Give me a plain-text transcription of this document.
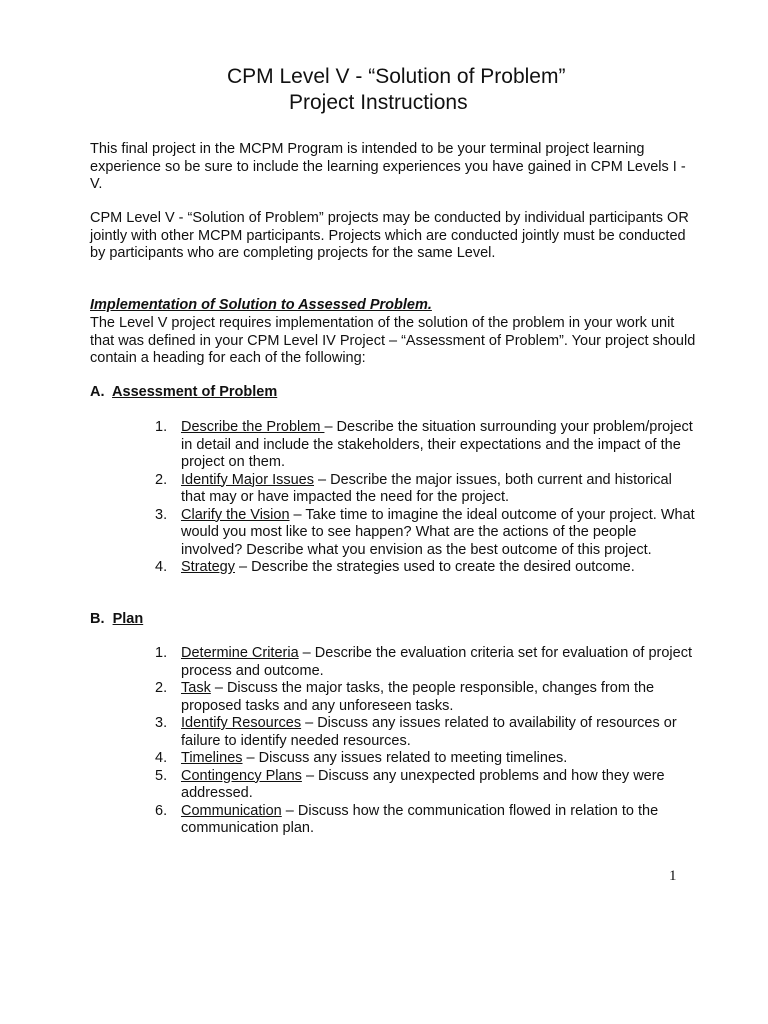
CPM Level V - “Solution of Problem”
Project Instructions

This final project in the MCPM Program is intended to be your terminal project learning experience so be sure to include the learning experiences you have gained in CPM Levels I - V.

CPM Level V - “Solution of Problem” projects may be conducted by individual participants OR jointly with other MCPM participants. Projects which are conducted jointly must be conducted by participants who are completing projects for the same Level.

Implementation of Solution to Assessed Problem.

The Level V project requires implementation of the solution of the problem in your work unit that was defined in your CPM Level IV Project – “Assessment of Problem”. Your project should contain a heading for each of the following:

A. Assessment of Problem

1. Describe the Problem – Describe the situation surrounding your problem/project in detail and include the stakeholders, their expectations and the impact of the project on them.
2. Identify Major Issues – Describe the major issues, both current and historical that may or have impacted the need for the project.
3. Clarify the Vision – Take time to imagine the ideal outcome of your project. What would you most like to see happen? What are the actions of the people involved? Describe what you envision as the best outcome of this project.
4. Strategy – Describe the strategies used to create the desired outcome.

B. Plan

1. Determine Criteria – Describe the evaluation criteria set for evaluation of project process and outcome.
2. Task – Discuss the major tasks, the people responsible, changes from the proposed tasks and any unforeseen tasks.
3. Identify Resources – Discuss any issues related to availability of resources or failure to identify needed resources.
4. Timelines – Discuss any issues related to meeting timelines.
5. Contingency Plans – Discuss any unexpected problems and how they were addressed.
6. Communication – Discuss how the communication flowed in relation to the communication plan.
1
